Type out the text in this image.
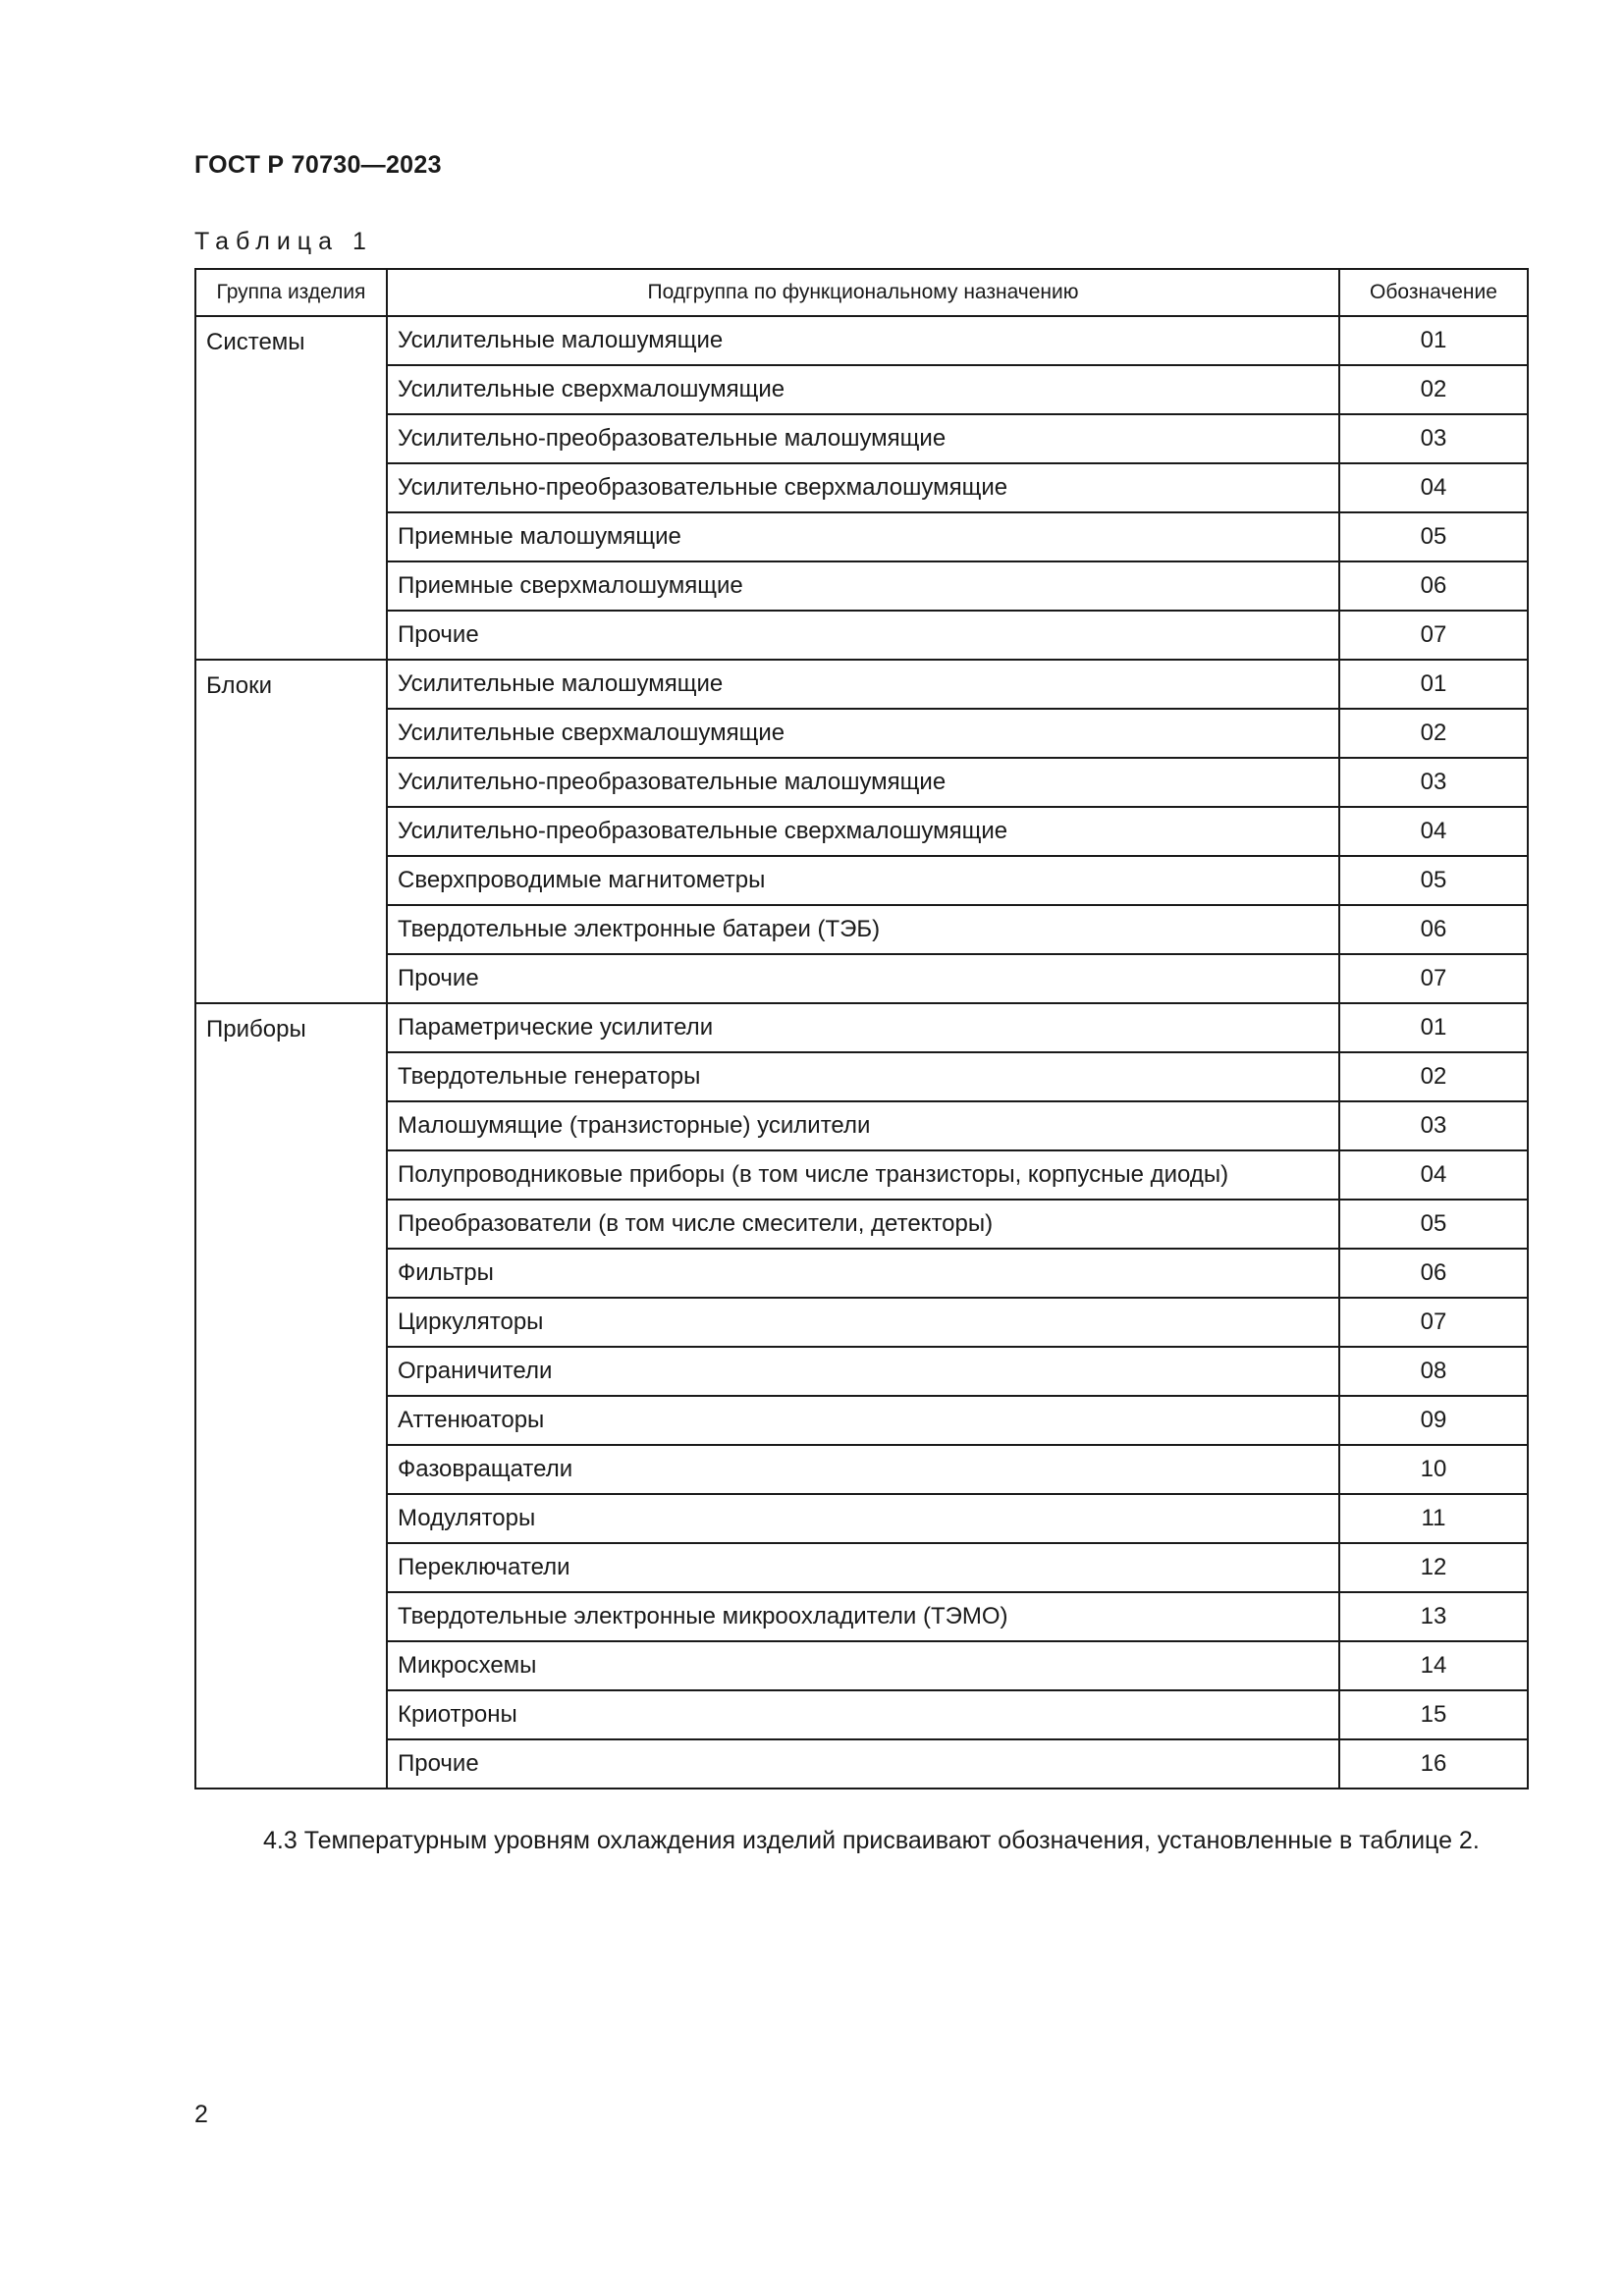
ГОСТ Р 70730—2023
Таблица 1
Группа изделия	Подгруппа по функциональному назначению	Обозначение
Системы	Усилительные малошумящие	01
	Усилительные сверхмалошумящие	02
	Усилительно-преобразовательные малошумящие	03
	Усилительно-преобразовательные сверхмалошумящие	04
	Приемные малошумящие	05
	Приемные сверхмалошумящие	06
	Прочие	07
Блоки	Усилительные малошумящие	01
	Усилительные сверхмалошумящие	02
	Усилительно-преобразовательные малошумящие	03
	Усилительно-преобразовательные сверхмалошумящие	04
	Сверхпроводимые магнитометры	05
	Твердотельные электронные батареи (ТЭБ)	06
	Прочие	07
Приборы	Параметрические усилители	01
	Твердотельные генераторы	02
	Малошумящие (транзисторные) усилители	03
	Полупроводниковые приборы (в том числе транзисторы, корпусные диоды)	04
	Преобразователи (в том числе смесители, детекторы)	05
	Фильтры	06
	Циркуляторы	07
	Ограничители	08
	Аттенюаторы	09
	Фазовращатели	10
	Модуляторы	11
	Переключатели	12
	Твердотельные электронные микроохладители (ТЭМО)	13
	Микросхемы	14
	Криотроны	15
	Прочие	16
4.3 Температурным уровням охлаждения изделий присваивают обозначения, установленные в таблице 2.
2
